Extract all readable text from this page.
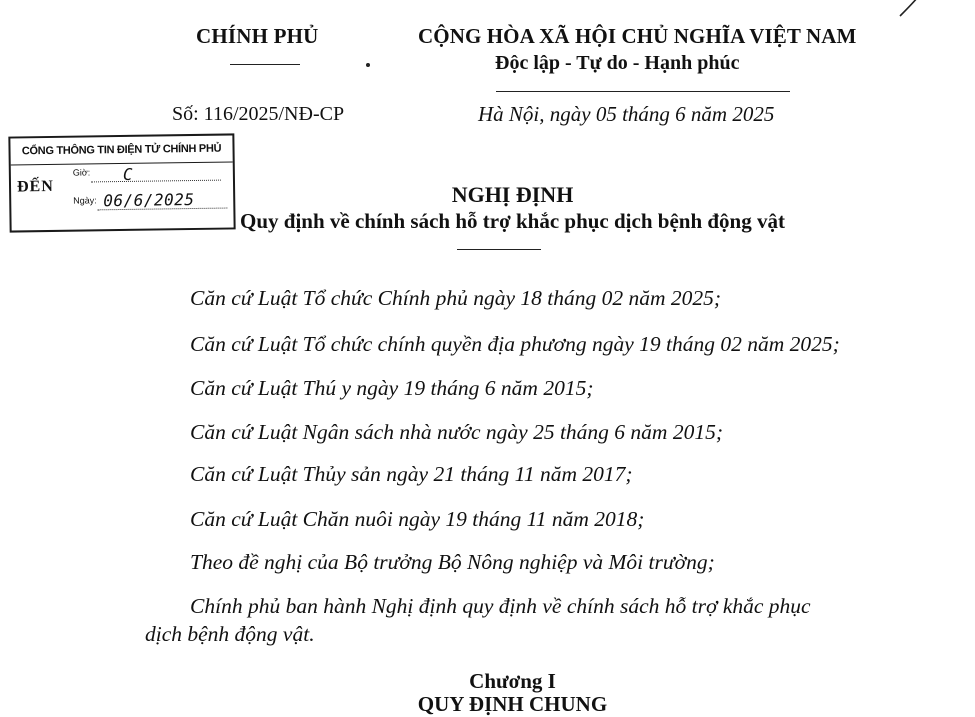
CHÍNH PHỦ	CỘNG HÒA XÃ HỘI CHỦ NGHĨA VIỆT NAM
Độc lập - Tự do - Hạnh phúc
Số: 116/2025/NĐ-CP	Hà Nội, ngày 05 tháng 6 năm 2025
CỔNG THÔNG TIN ĐIỆN TỬ CHÍNH PHỦ
ĐẾN
Giờ: C
Ngày: 06/6/2025	NGHỊ ĐỊNH
Quy định về chính sách hỗ trợ khắc phục dịch bệnh động vật
Căn cứ Luật Tổ chức Chính phủ ngày 18 tháng 02 năm 2025;
Căn cứ Luật Tổ chức chính quyền địa phương ngày 19 tháng 02 năm 2025;
Căn cứ Luật Thú y ngày 19 tháng 6 năm 2015;
Căn cứ Luật Ngân sách nhà nước ngày 25 tháng 6 năm 2015;
Căn cứ Luật Thủy sản ngày 21 tháng 11 năm 2017;
Căn cứ Luật Chăn nuôi ngày 19 tháng 11 năm 2018;
Theo đề nghị của Bộ trưởng Bộ Nông nghiệp và Môi trường;
Chính phủ ban hành Nghị định quy định về chính sách hỗ trợ khắc phục
dịch bệnh động vật.
Chương I
QUY ĐỊNH CHUNG
